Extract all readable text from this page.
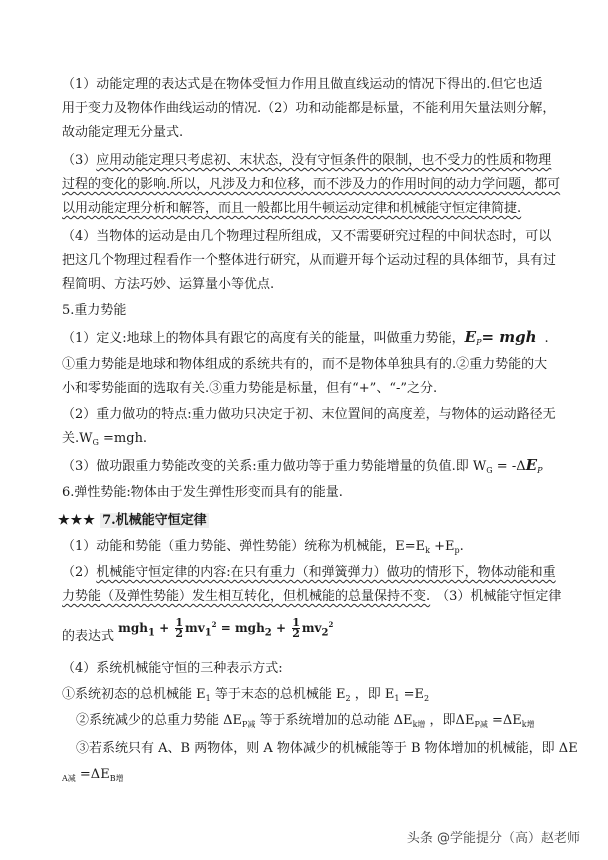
（1）动能定理的表达式是在物体受恒力作用且做直线运动的情况下得出的.但它也适

用于变力及物体作曲线运动的情况.（2）功和动能都是标量，不能利用矢量法则分解，

故动能定理无分量式.

（3）应用动能定理只考虑初、末状态，没有守恒条件的限制，也不受力的性质和物理

过程的变化的影响.所以，凡涉及力和位移，而不涉及力的作用时间的动力学问题，都可

以用动能定理分析和解答，而且一般都比用牛顿运动定律和机械能守恒定律简捷.

（4）当物体的运动是由几个物理过程所组成，又不需要研究过程的中间状态时，可以

把这几个物理过程看作一个整体进行研究，从而避开每个运动过程的具体细节，具有过

程简明、方法巧妙、运算量小等优点.

5.重力势能

（1）定义:地球上的物体具有跟它的高度有关的能量，叫做重力势能，$E_P=$ mgh .

①重力势能是地球和物体组成的系统共有的，而不是物体单独具有的.②重力势能的大

小和零势能面的选取有关.③重力势能是标量，但有“+”、“-”之分.

（2）重力做功的特点:重力做功只决定于初、末位置间的高度差，与物体的运动路径无

关$.W_G =mgh$.

（3）做功跟重力势能改变的关系:重力做功等于重力势能增量的负值.即 $W_G = -\Delta E_P$

6.弹性势能:物体由于发生弹性形变而具有的能量.

★★★ 7.机械能守恒定律

（1）动能和势能（重力势能、弹性势能）统称为机械能，$E=E_k +E_p$.

（2）机械能守恒定律的内容:在只有重力（和弹簧弹力）做功的情形下，物体动能和重

力势能（及弹性势能）发生相互转化，但机械能的总量保持不变. （3）机械能守恒定律

的表达式 $mgh_1 + \frac{1}{2} mv_1^2 = mgh_2 + \frac{1}{2} mv_2^2$

（4）系统机械能守恒的三种表示方式:

①系统初态的总机械能 $E_1$ 等于末态的总机械能 $E_2$ ，即 $E_1 =E_2$

②系统减少的总重力势能 $\Delta E_{P减}$ 等于系统增加的总动能 $\Delta E_{k增}$ ，即$\Delta E_{P减} =\Delta E_{k增}$

③若系统只有 A、B 两物体，则 A 物体减少的机械能等于 B 物体增加的机械能，即 ΔE

$_{A减} =\Delta E_{B增}$

头条 @学能提分（高）赵老师
